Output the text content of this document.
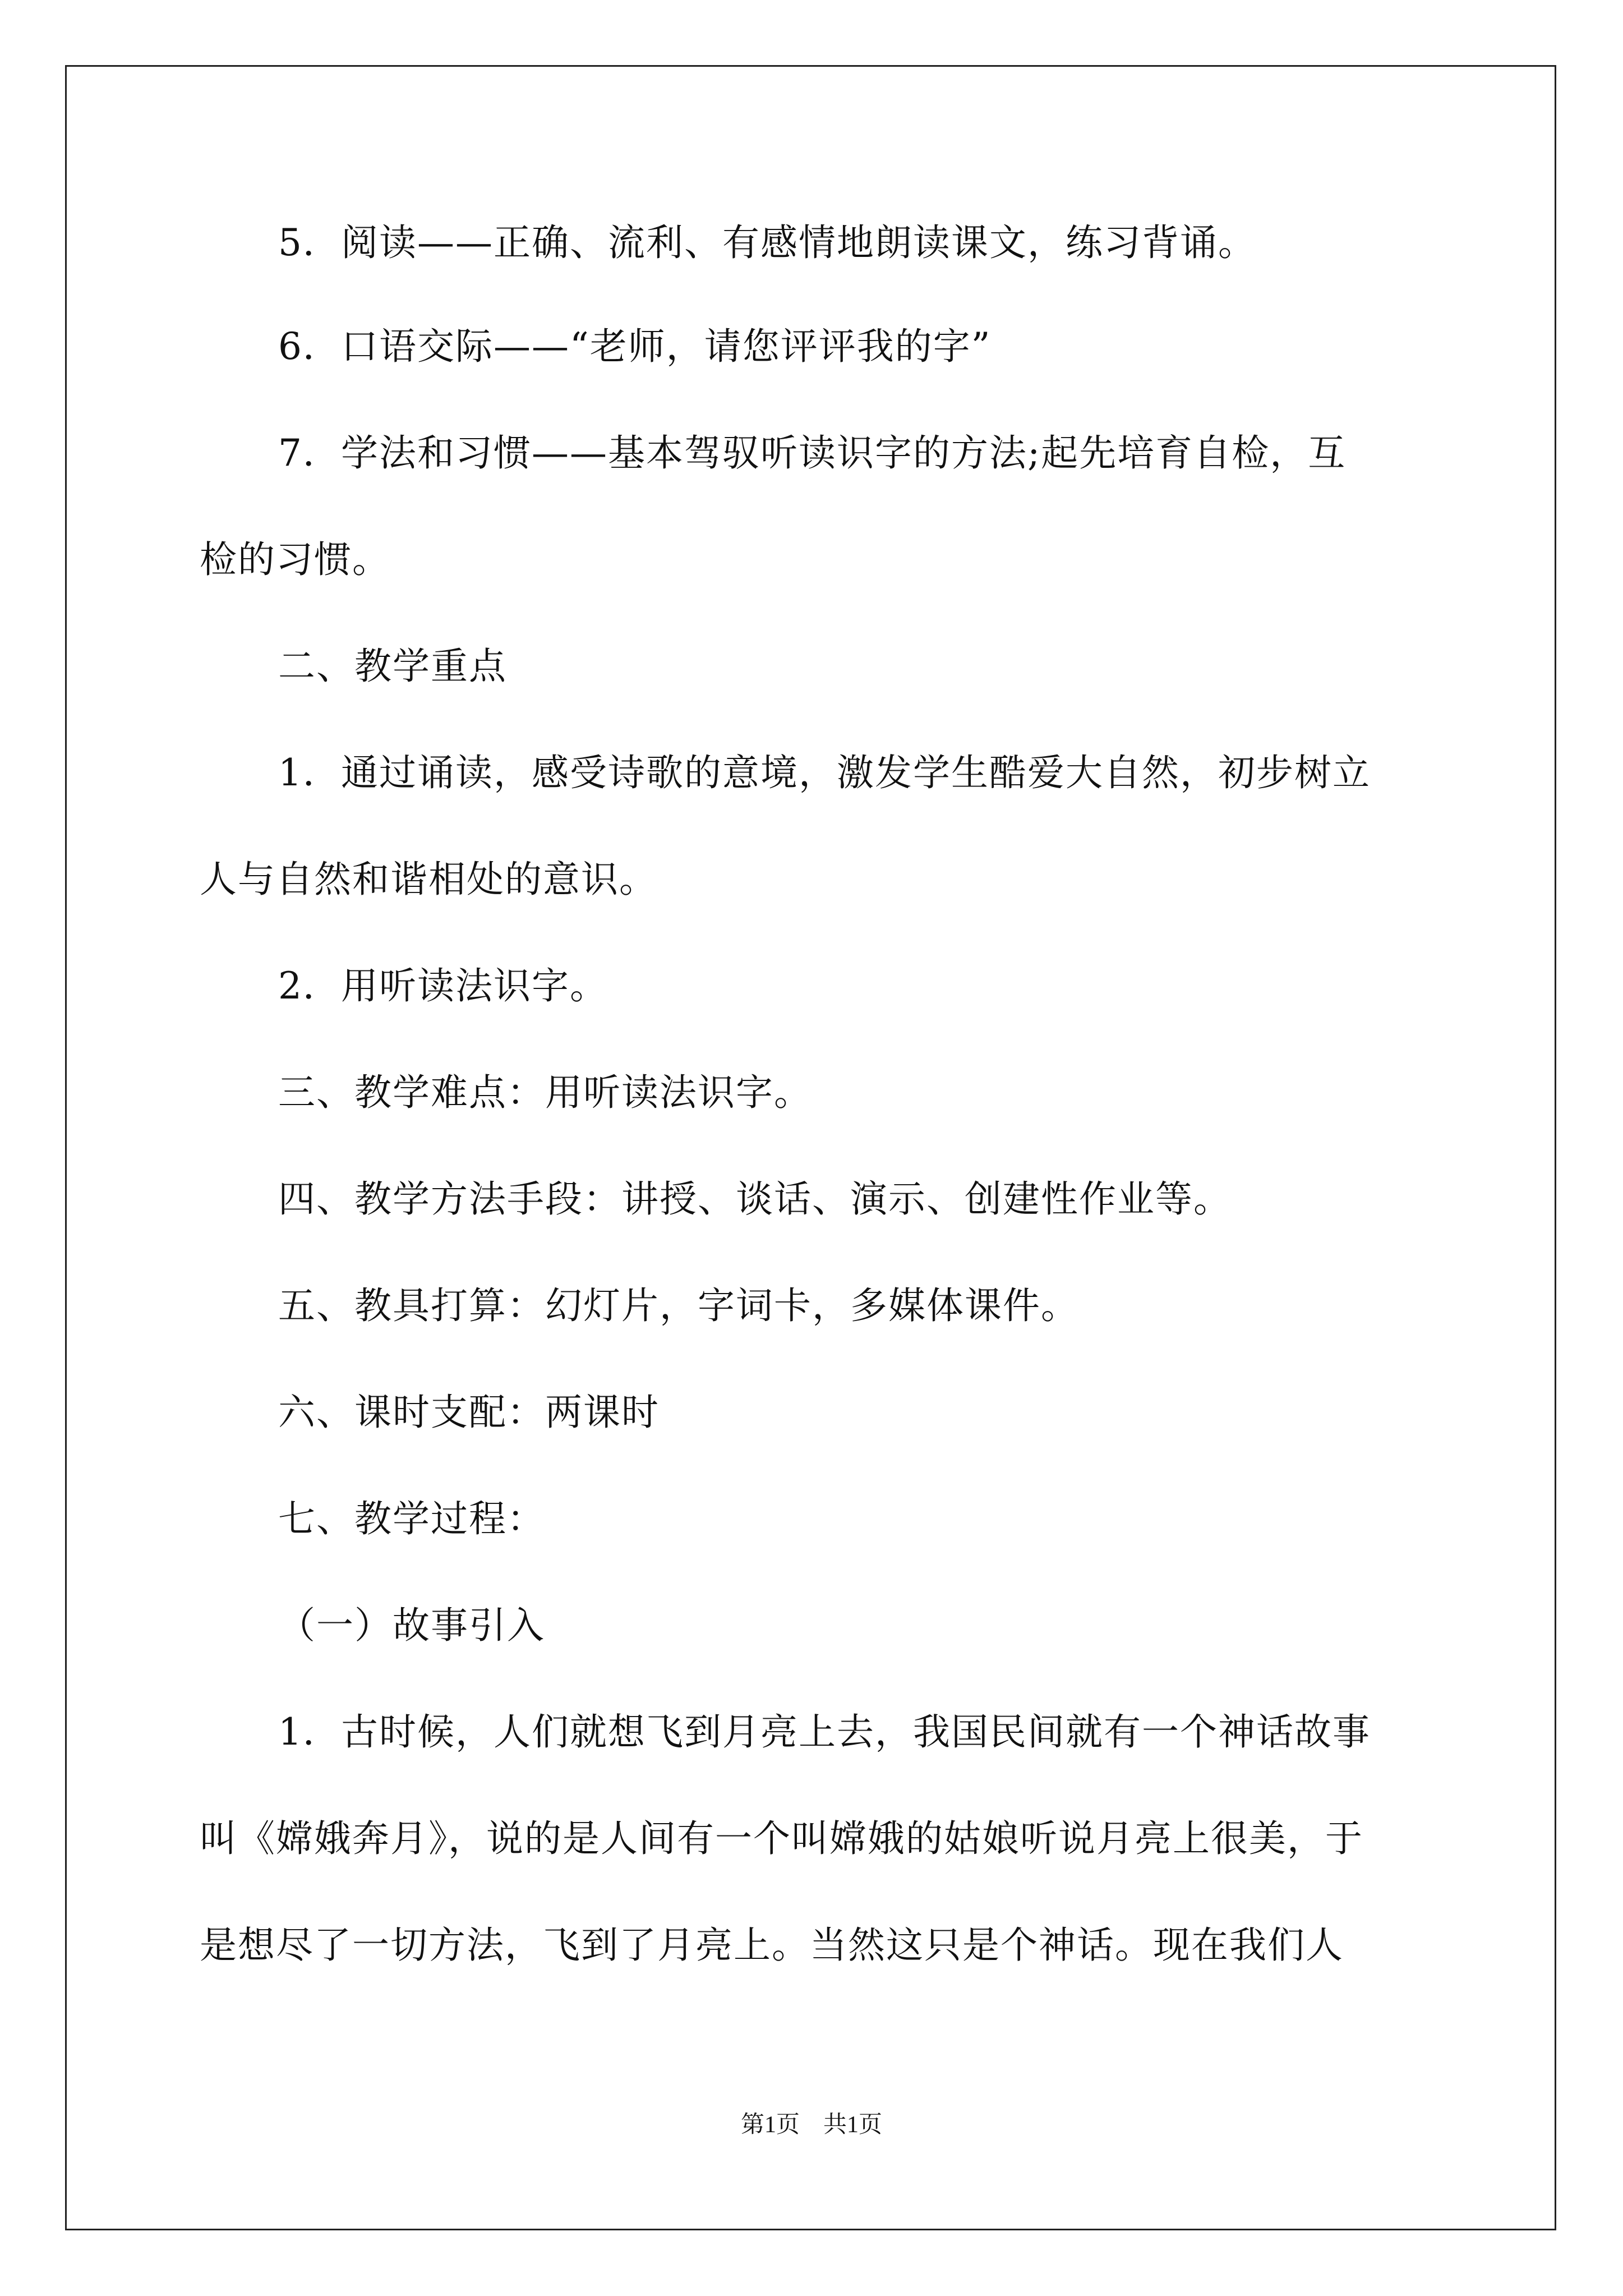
5．阅读——正确、流利、有感情地朗读课文，练习背诵。

6．口语交际——“老师，请您评评我的字”

7．学法和习惯——基本驾驭听读识字的方法;起先培育自检，互

检的习惯。

二、教学重点

1．通过诵读，感受诗歌的意境，激发学生酷爱大自然，初步树立

人与自然和谐相处的意识。

2．用听读法识字。

三、教学难点：用听读法识字。

四、教学方法手段：讲授、谈话、演示、创建性作业等。

五、教具打算：幻灯片，字词卡，多媒体课件。

六、课时支配：两课时

七、教学过程：

（一）故事引入

1．古时候，人们就想飞到月亮上去，我国民间就有一个神话故事

叫《嫦娥奔月》，说的是人间有一个叫嫦娥的姑娘听说月亮上很美，于

是想尽了一切方法，飞到了月亮上。当然这只是个神话。现在我们人

第1页　共1页
